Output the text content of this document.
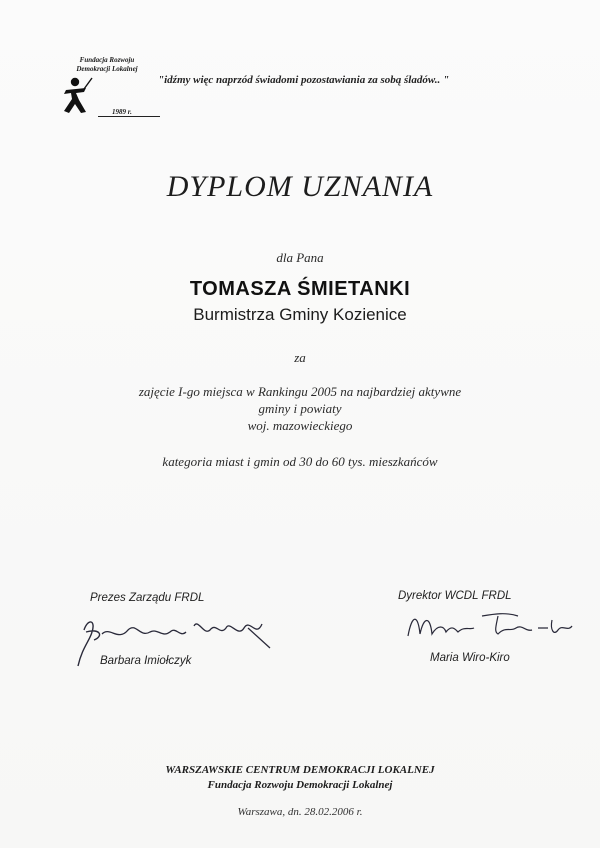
Fundacja Rozwoju
Demokracji Lokalnej
1989 r.
"idźmy więc naprzód świadomi pozostawiania za sobą śladów.. "
DYPLOM UZNANIA
dla Pana
TOMASZA ŚMIETANKI
Burmistrza Gminy Kozienice
za
zajęcie I-go miejsca w Rankingu 2005 na najbardziej aktywne
gminy i powiaty
woj. mazowieckiego
kategoria miast i gmin od 30 do 60 tys. mieszkańców
Prezes Zarządu FRDL
Barbara Imiołczyk
Dyrektor WCDL FRDL
Maria Wiro-Kiro
WARSZAWSKIE CENTRUM DEMOKRACJI LOKALNEJ
Fundacja Rozwoju Demokracji Lokalnej
Warszawa, dn. 28.02.2006 r.
